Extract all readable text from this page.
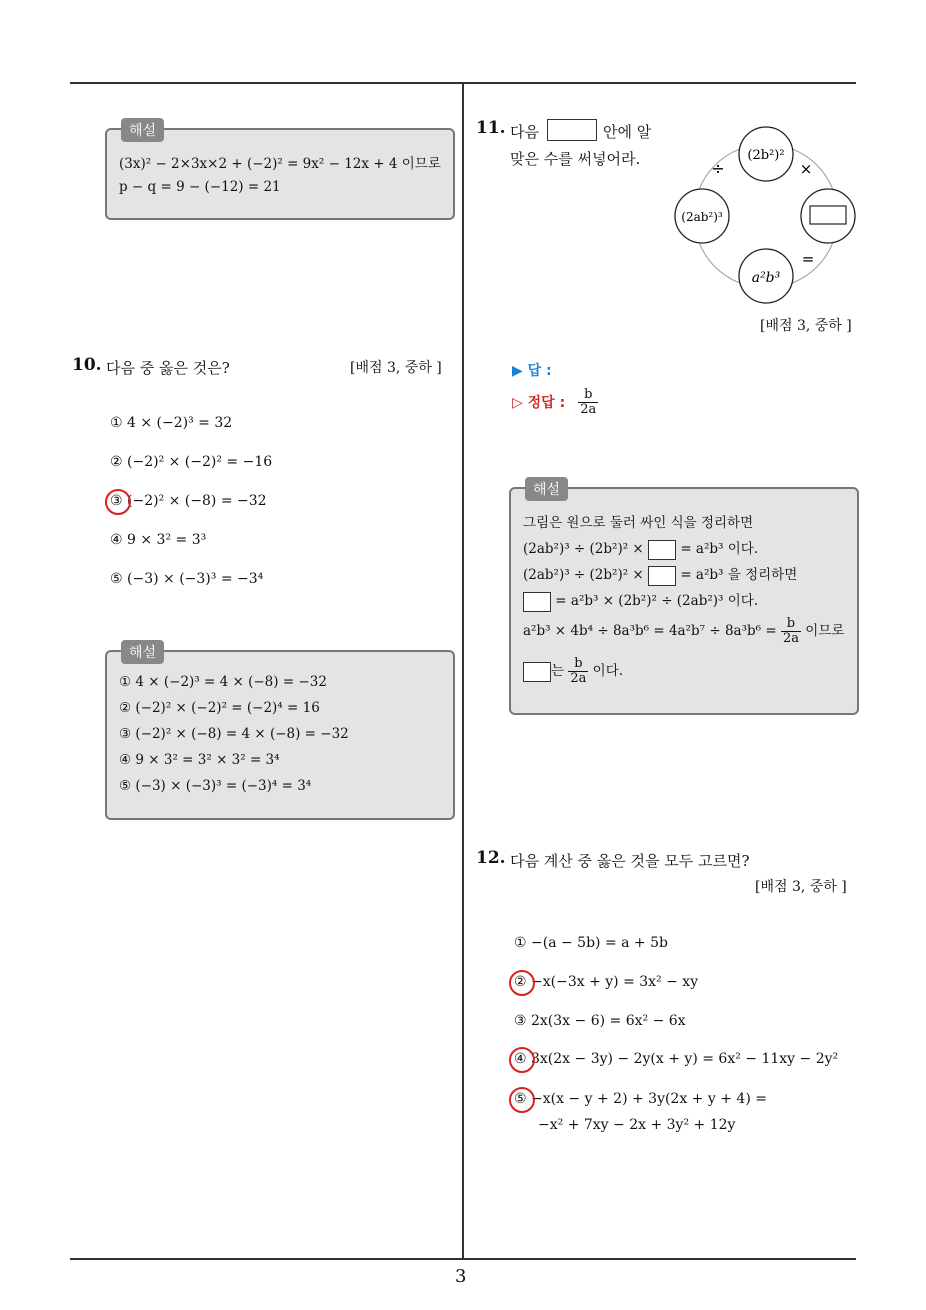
3
해설
(3x)² − 2×3x×2 + (−2)² = 9x² − 12x + 4 이므로
p − q = 9 − (−12) = 21
10. 다음 중 옳은 것은?	[배점 3, 중하 ]
① 4 × (−2)³ = 32
② (−2)² × (−2)² = −16
③ (−2)² × (−8) = −32
④ 9 × 3² = 3³
⑤ (−3) × (−3)³ = −3⁴
해설
① 4 × (−2)³ = 4 × (−8) = −32
② (−2)² × (−2)² = (−2)⁴ = 16
③ (−2)² × (−8) = 4 × (−8) = −32
④ 9 × 3² = 3² × 3² = 3⁴
⑤ (−3) × (−3)³ = (−3)⁴ = 3⁴
11. 다음	안에 알
맞은 수를 써넣어라.	(2b²)²
(2ab²)³
a²b³
÷	×
=
[배점 3, 중하 ]
▶ 답 :
▷ 정답 : $\frac{b}{2a}$
해설
그림은 원으로 둘러 싸인 식을 정리하면
(2ab²)³ ÷ (2b²)² ×	= a²b³ 이다.
(2ab²)³ ÷ (2b²)² ×	= a²b³ 을 정리하면
= a²b³ × (2b²)² ÷ (2ab²)³ 이다.
$a^2b^3 \times 4b^4 \div 8a^3b^6 = 4a^2b^7 \div 8a^3b^6 = \frac{b}{2a}$ 이므로
는 $\frac{b}{2a}$ 이다.
12. 다음 계산 중 옳은 것을 모두 고르면?
[배점 3, 중하 ]
① −(a − 5b) = a + 5b
② −x(−3x + y) = 3x² − xy
③ 2x(3x − 6) = 6x² − 6x
④ 3x(2x − 3y) − 2y(x + y) = 6x² − 11xy − 2y²
⑤ −x(x − y + 2) + 3y(2x + y + 4) =
−x² + 7xy − 2x + 3y² + 12y
